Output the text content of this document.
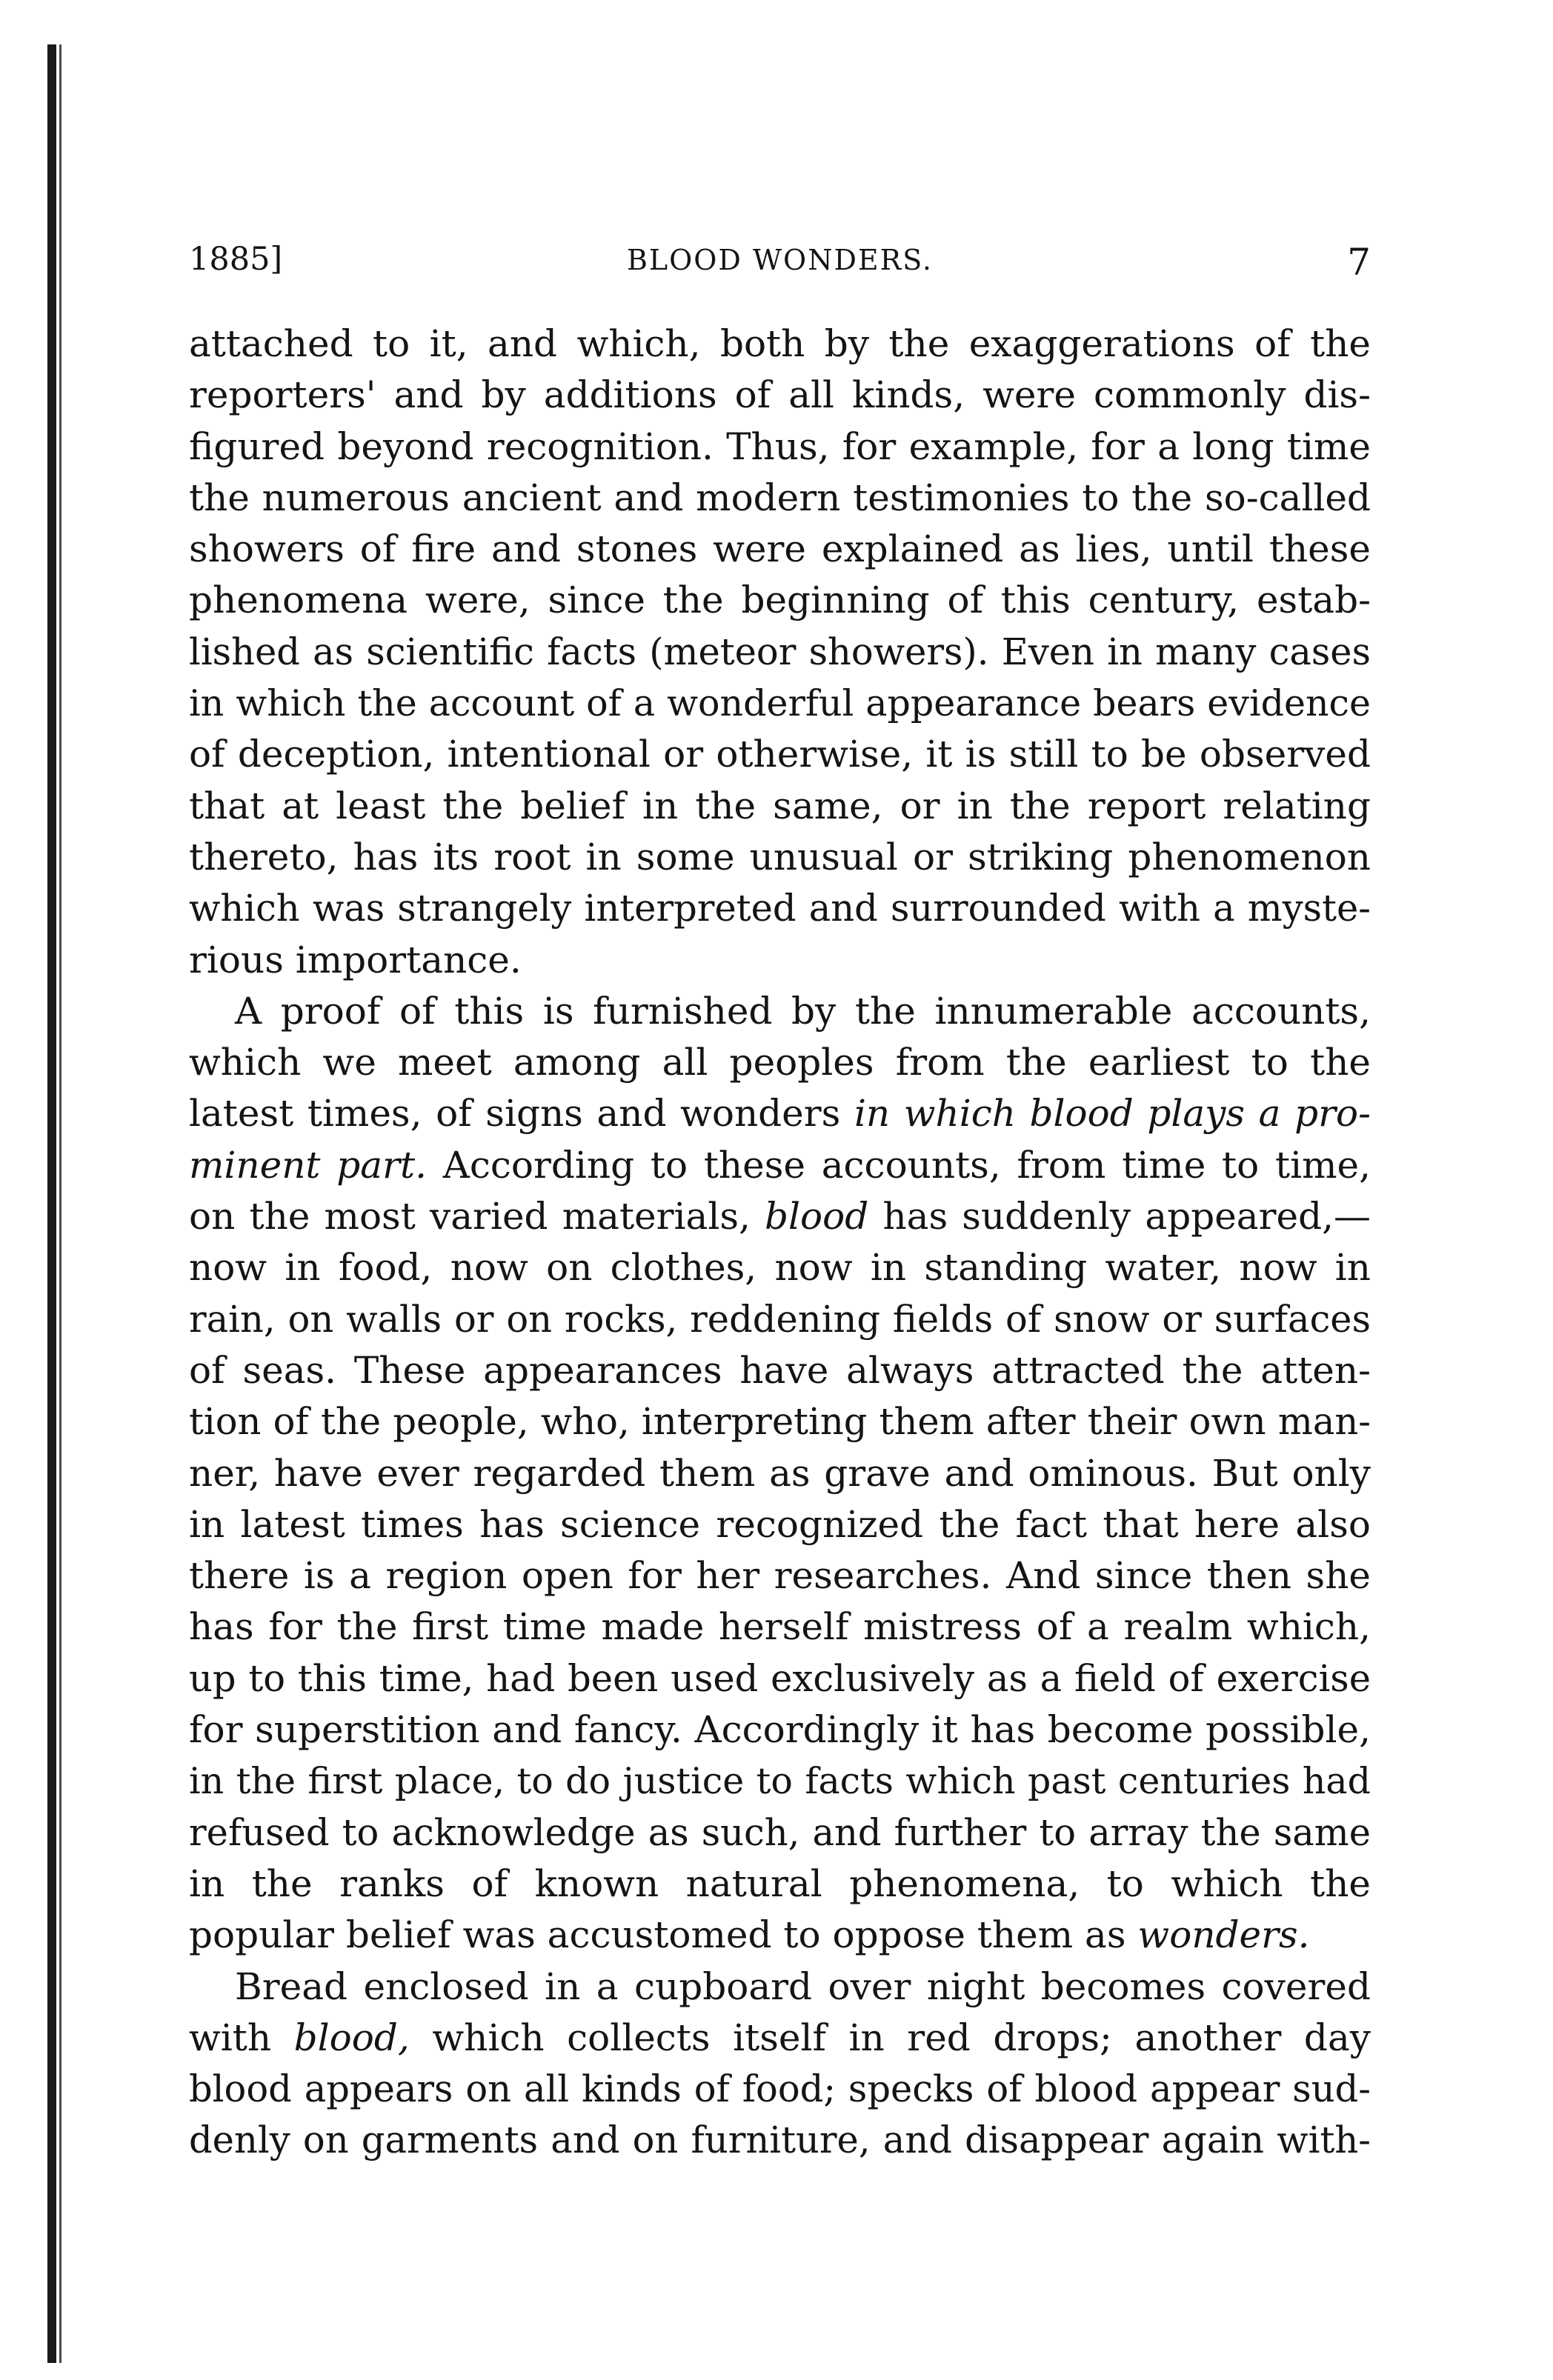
1885]	BLOOD WONDERS.	7
attached to it, and which, both by the exaggerations of the
reporters' and by additions of all kinds, were commonly dis-
figured beyond recognition. Thus, for example, for a long time
the numerous ancient and modern testimonies to the so-called
showers of fire and stones were explained as lies, until these
phenomena were, since the beginning of this century, estab-
lished as scientific facts (meteor showers). Even in many cases
in which the account of a wonderful appearance bears evidence
of deception, intentional or otherwise, it is still to be observed
that at least the belief in the same, or in the report relating
thereto, has its root in some unusual or striking phenomenon
which was strangely interpreted and surrounded with a myste-
rious importance.
A proof of this is furnished by the innumerable accounts,
which we meet among all peoples from the earliest to the
latest times, of signs and wonders in which blood plays a pro-
minent part. According to these accounts, from time to time,
on the most varied materials, blood has suddenly appeared,—
now in food, now on clothes, now in standing water, now in
rain, on walls or on rocks, reddening fields of snow or surfaces
of seas. These appearances have always attracted the atten-
tion of the people, who, interpreting them after their own man-
ner, have ever regarded them as grave and ominous. But only
in latest times has science recognized the fact that here also
there is a region open for her researches. And since then she
has for the first time made herself mistress of a realm which,
up to this time, had been used exclusively as a field of exercise
for superstition and fancy. Accordingly it has become possible,
in the first place, to do justice to facts which past centuries had
refused to acknowledge as such, and further to array the same
in the ranks of known natural phenomena, to which the
popular belief was accustomed to oppose them as wonders.
Bread enclosed in a cupboard over night becomes covered
with blood, which collects itself in red drops; another day
blood appears on all kinds of food; specks of blood appear sud-
denly on garments and on furniture, and disappear again with-
